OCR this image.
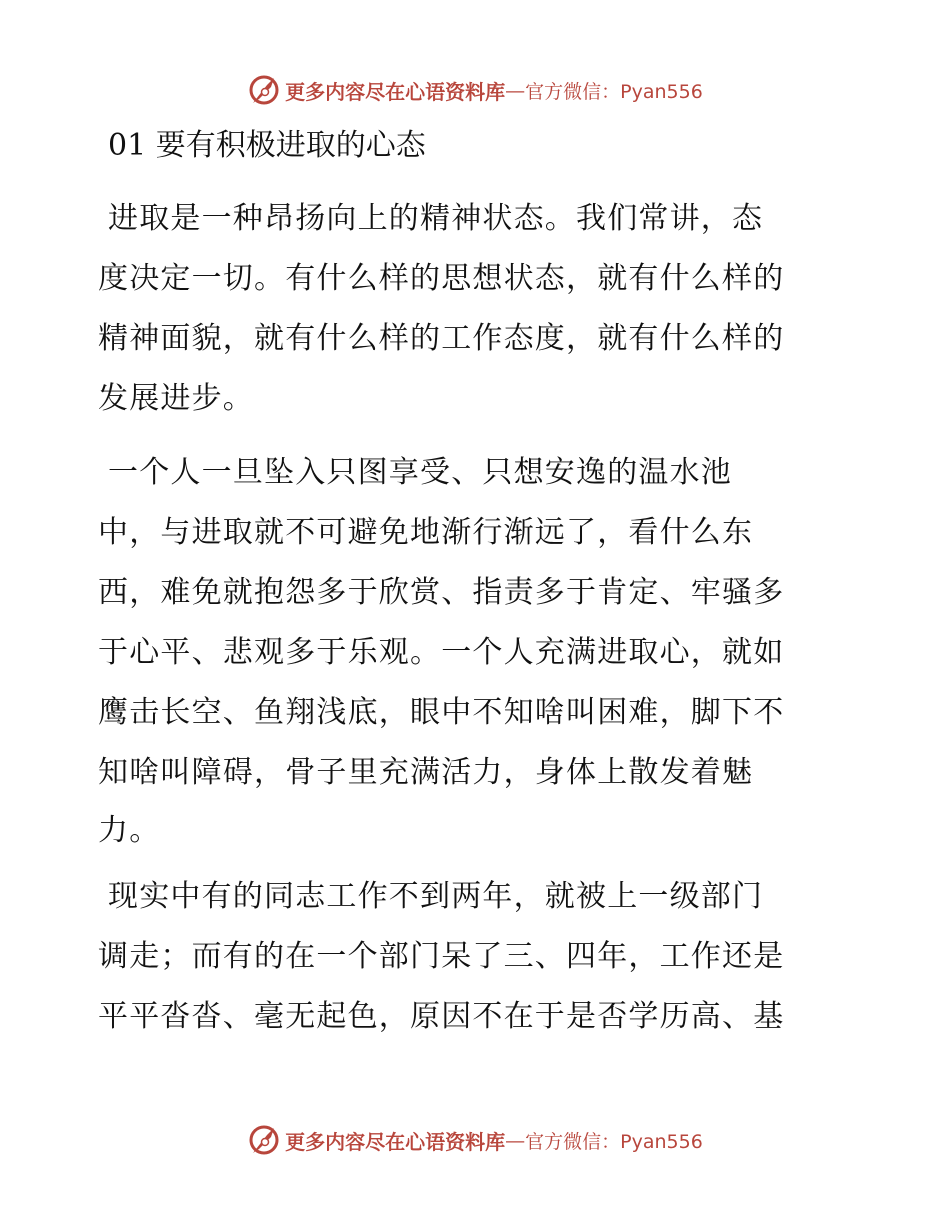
更多内容尽在心语资料库 — 官方微信：Pyan556
01 要有积极进取的心态
进取是一种昂扬向上的精神状态。我们常讲，态
度决定一切。有什么样的思想状态，就有什么样的
精神面貌，就有什么样的工作态度，就有什么样的
发展进步。
一个人一旦坠入只图享受、只想安逸的温水池
中，与进取就不可避免地渐行渐远了，看什么东
西，难免就抱怨多于欣赏、指责多于肯定、牢骚多
于心平、悲观多于乐观。一个人充满进取心，就如
鹰击长空、鱼翔浅底，眼中不知啥叫困难，脚下不
知啥叫障碍，骨子里充满活力，身体上散发着魅
力。
现实中有的同志工作不到两年，就被上一级部门
调走；而有的在一个部门呆了三、四年，工作还是
平平沓沓、毫无起色，原因不在于是否学历高、基
更多内容尽在心语资料库 — 官方微信：Pyan556
